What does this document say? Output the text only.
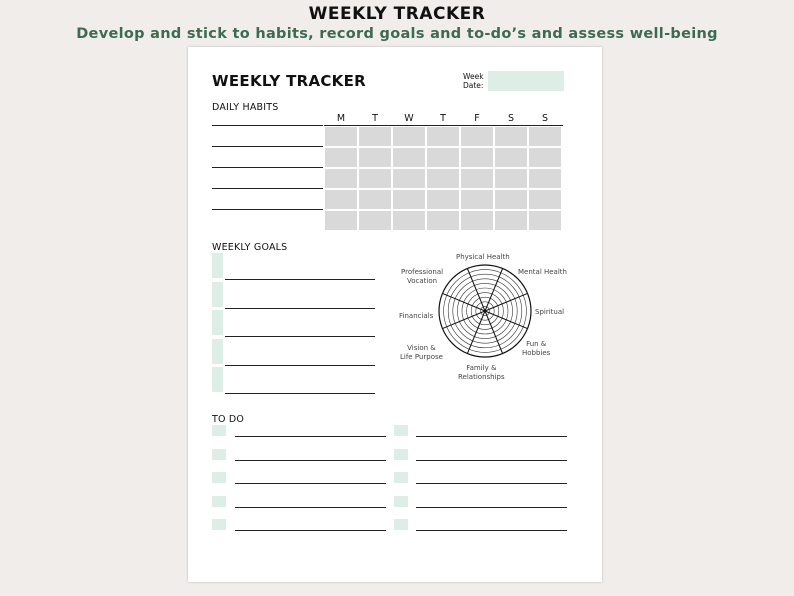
WEEKLY TRACKER
Develop and stick to habits, record goals and to-do’s and assess well-being
WEEKLY TRACKER	Week
Date:
DAILY HABITS
M	T	W	T	F	S	S
WEEKLY GOALS
Physical Health
Mental Health
Spiritual
Fun &
Hobbies
Family &
Relationships
Vision &
Life Purpose
Financials
Professional
Vocation
TO DO
